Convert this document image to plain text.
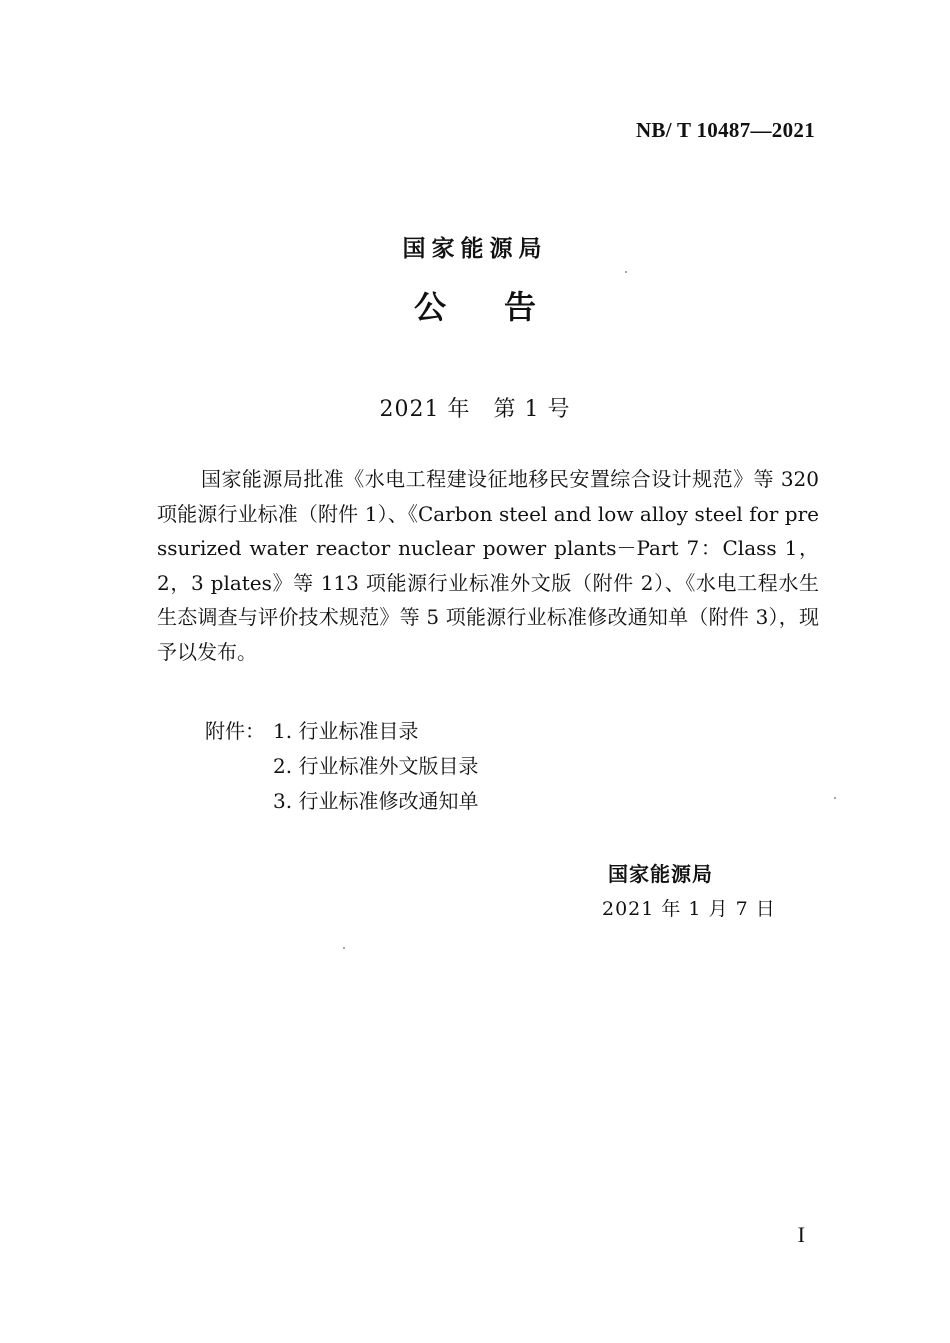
NB/ T 10487—2021
国家能源局
公告
2021 年　第 1 号
国家能源局批准《水电工程建设征地移民安置综合设计规范》等 320 项能源行业标准（附件 1）、《Carbon steel and low alloy steel for pressurized water reactor nuclear power plants－Part 7：Class 1，2，3 plates》等 113 项能源行业标准外文版（附件 2）、《水电工程水生生态调查与评价技术规范》等 5 项能源行业标准修改通知单（附件 3），现予以发布。
附件： 1. 行业标准目录
2. 行业标准外文版目录
3. 行业标准修改通知单
国家能源局
2021 年 1 月 7 日
I
